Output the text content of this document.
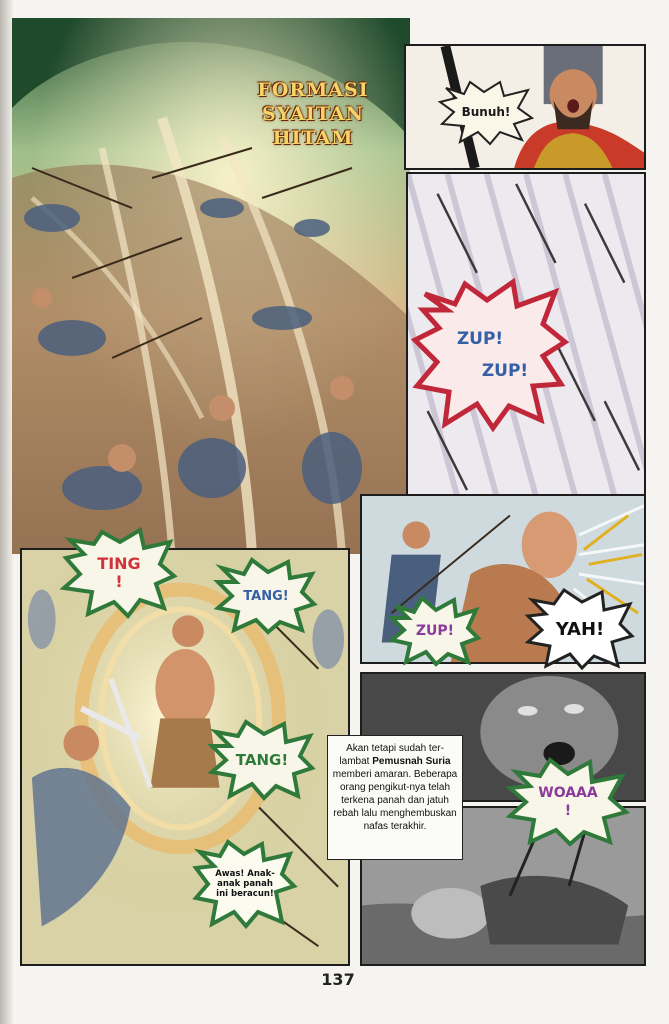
FORMASI
SYAITAN
HITAM
Bunuh!
ZUP!
ZUP!
TING
!
TANG!
TANG!
ZUP!	YAH!
WOAAA
!
Awas! Anak-anak panah ini beracun!
Akan tetapi sudah ter-lambat Pemusnah Suria memberi amaran. Beberapa orang pengikut-nya telah terkena panah dan jatuh rebah lalu menghembuskan nafas terakhir.
137
